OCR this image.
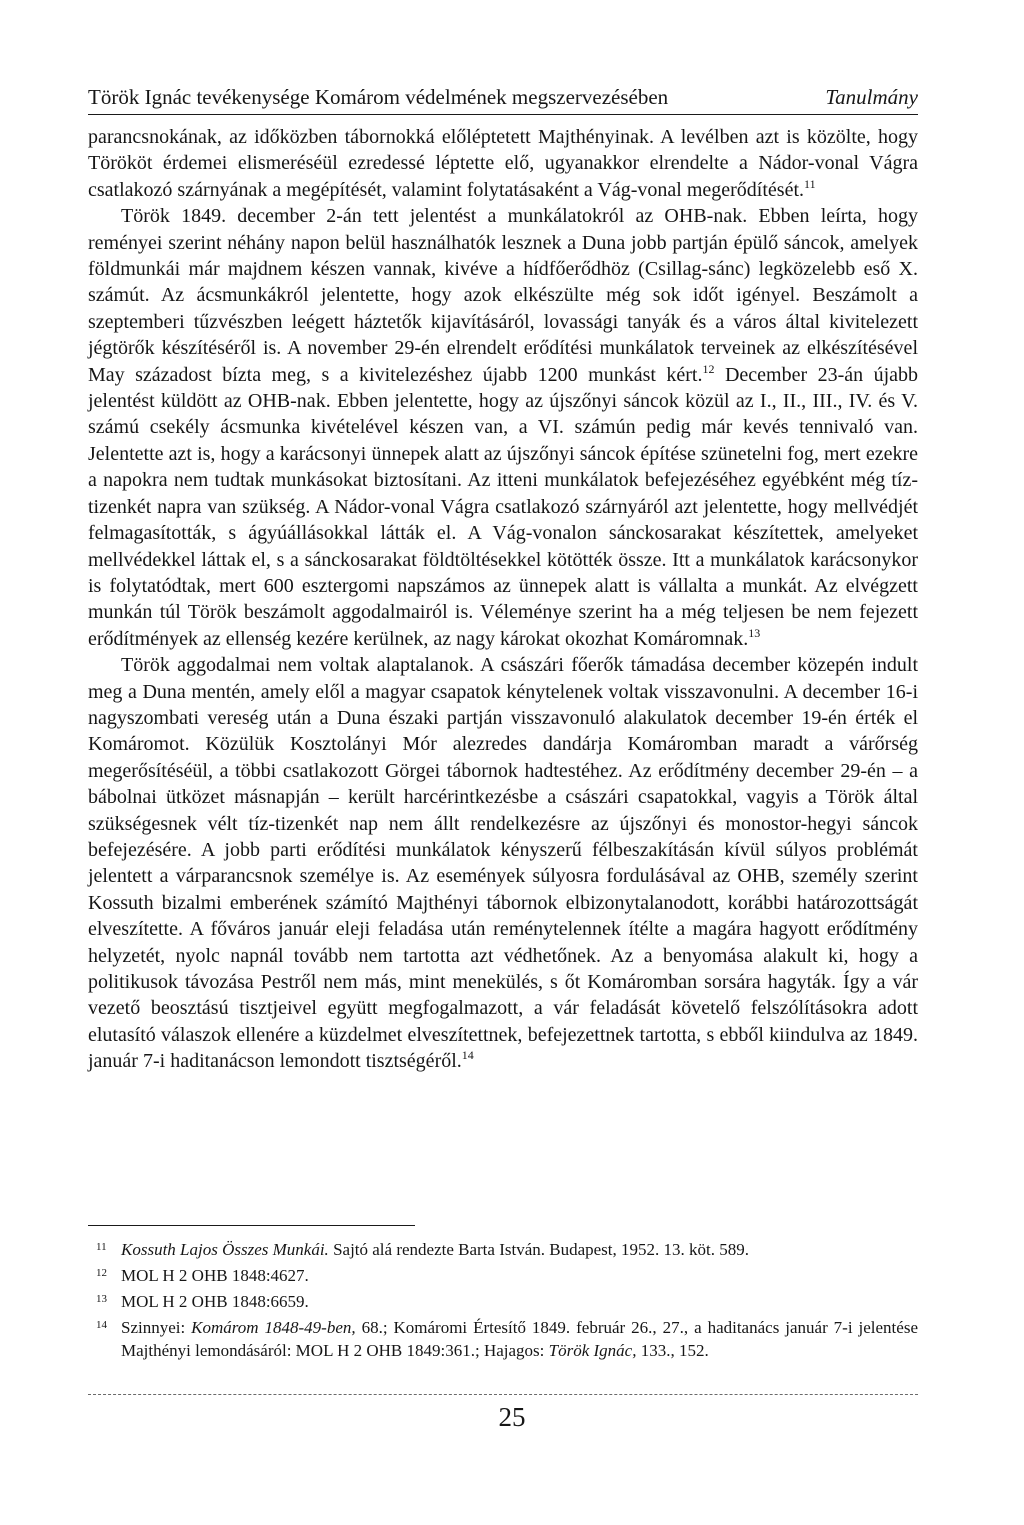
Török Ignác tevékenysége Komárom védelmének megszervezésében	Tanulmány

parancsnokának, az időközben tábornokká előléptetett Majthényinak. A levélben azt is közölte, hogy Törököt érdemei elismeréséül ezredessé léptette elő, ugyanakkor elrendelte a Nádor-vonal Vágra csatlakozó szárnyának a megépítését, valamint folytatásaként a Vág-vonal megerődítését.$^{11}$

Török 1849. december 2-án tett jelentést a munkálatokról az OHB-nak. Ebben leírta, hogy reményei szerint néhány napon belül használhatók lesznek a Duna jobb partján épülő sáncok, amelyek földmunkái már majdnem készen vannak, kivéve a hídfőerődhöz (Csillag-sánc) legközelebb eső X. számút. Az ácsmunkákról jelentette, hogy azok elkészülte még sok időt igényel. Beszámolt a szeptemberi tűzvészben leégett háztetők kijavításáról, lovassági tanyák és a város által kivitelezett jégtörők készítéséről is. A november 29-én elrendelt erődítési munkálatok terveinek az elkészítésével May századost bízta meg, s a kivitelezéshez újabb 1200 munkást kért.$^{12}$ December 23-án újabb jelentést küldött az OHB-nak. Ebben jelentette, hogy az újszőnyi sáncok közül az I., II., III., IV. és V. számú csekély ácsmunka kivételével készen van, a VI. számún pedig már kevés tennivaló van. Jelentette azt is, hogy a karácsonyi ünnepek alatt az újszőnyi sáncok építése szünetelni fog, mert ezekre a napokra nem tudtak munkásokat biztosítani. Az itteni munkálatok befejezéséhez egyébként még tíz-tizenkét napra van szükség. A Nádor-vonal Vágra csatlakozó szárnyáról azt jelentette, hogy mellvédjét felmagasították, s ágyúállásokkal látták el. A Vág-vonalon sánckosarakat készítettek, amelyeket mellvédekkel láttak el, s a sánckosarakat földtöltésekkel kötötték össze. Itt a munkálatok karácsonykor is folytatódtak, mert 600 esztergomi napszámos az ünnepek alatt is vállalta a munkát. Az elvégzett munkán túl Török beszámolt aggodalmairól is. Véleménye szerint ha a még teljesen be nem fejezett erődítmények az ellenség kezére kerülnek, az nagy károkat okozhat Komáromnak.$^{13}$

Török aggodalmai nem voltak alaptalanok. A császári főerők támadása december közepén indult meg a Duna mentén, amely elől a magyar csapatok kénytelenek voltak visszavonulni. A december 16-i nagyszombati vereség után a Duna északi partján visszavonuló alakulatok december 19-én érték el Komáromot. Közülük Kosztolányi Mór alezredes dandárja Komáromban maradt a várőrség megerősítéséül, a többi csatlakozott Görgei tábornok hadtestéhez. Az erődítmény december 29-én – a bábolnai ütközet másnapján – került harcérintkezésbe a császári csapatokkal, vagyis a Török által szükségesnek vélt tíz-tizenkét nap nem állt rendelkezésre az újszőnyi és monostor-hegyi sáncok befejezésére. A jobb parti erődítési munkálatok kényszerű félbeszakításán kívül súlyos problémát jelentett a várparancsnok személye is. Az események súlyosra fordulásával az OHB, személy szerint Kossuth bizalmi emberének számító Majthényi tábornok elbizonytalanodott, korábbi határozottságát elveszítette. A főváros január eleji feladása után reménytelennek ítélte a magára hagyott erődítmény helyzetét, nyolc napnál tovább nem tartotta azt védhetőnek. Az a benyomása alakult ki, hogy a politikusok távozása Pestről nem más, mint menekülés, s őt Komáromban sorsára hagyták. Így a vár vezető beosztású tisztjeivel együtt megfogalmazott, a vár feladását követelő felszólításokra adott elutasító válaszok ellenére a küzdelmet elveszítettnek, befejezettnek tartotta, s ebből kiindulva az 1849. január 7-i haditanácson lemondott tisztségéről.$^{14}$

11 Kossuth Lajos Összes Munkái. Sajtó alá rendezte Barta István. Budapest, 1952. 13. köt. 589.
12 MOL H 2 OHB 1848:4627.
13 MOL H 2 OHB 1848:6659.
14 Szinnyei: Komárom 1848-49-ben, 68.; Komáromi Értesítő 1849. február 26., 27., a haditanács január 7-i jelentése Majthényi lemondásáról: MOL H 2 OHB 1849:361.; Hajagos: Török Ignác, 133., 152.
25
